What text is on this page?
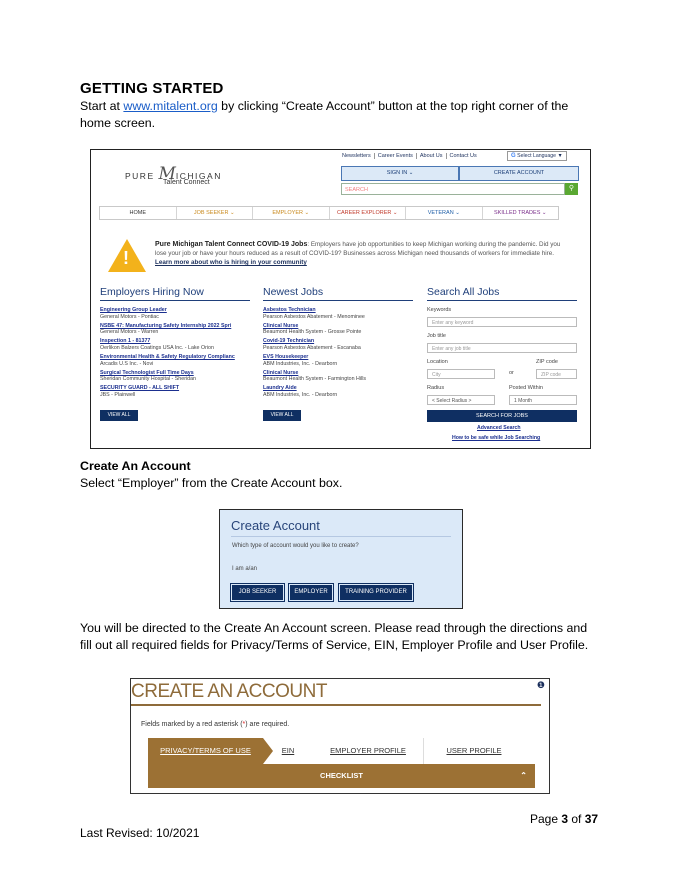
GETTING STARTED

Start at www.mitalent.org by clicking “Create Account” button at the top right corner of the home screen.

PURE MICHIGAN
Talent Connect
Newsletters Career Events About Us Contact Us	G Select Language ▼
SIGN IN ⌄	CREATE ACCOUNT
SEARCH	⚲
HOME	JOB SEEKER ⌄	EMPLOYER ⌄	CAREER EXPLORER ⌄	VETERAN ⌄	SKILLED TRADES ⌄
!
Pure Michigan Talent Connect COVID-19 Jobs: Employers have job opportunities to keep Michigan working during the pandemic. Did you lose your job or have your hours reduced as a result of COVID-19? Businesses across Michigan need thousands of workers for immediate hire. Learn more about who is hiring in your community
Employers Hiring Now	Newest Jobs	Search All Jobs
Engineering Group Leader
General Motors - Pontiac
NSBE 47: Manufacturing Safety Internship 2022 Spri
General Motors - Warren
Inspection 1 - 81377
Oerlikon Balzers Coatings USA Inc. - Lake Orion
Environmental Health & Safety Regulatory Complianc
Arcadis U.S Inc. - Novi
Surgical Technologist Full Time Days
Sheridan Community Hospital - Sheridan
SECURITY GUARD - ALL SHIFT
JBS - Plainwell
Asbestos Technician
Pearson Asbestos Abatement - Menominee
Clinical Nurse
Beaumont Health System - Grosse Pointe
Covid-19 Technician
Pearson Asbestos Abatement - Escanaba
EVS Housekeeper
ABM Industries, Inc. - Dearborn
Clinical Nurse
Beaumont Health System - Farmington Hills
Laundry Aide
ABM Industries, Inc. - Dearborn
VIEW ALL	VIEW ALL
Keywords
Enter any keyword
Job title
Enter any job title
Location	ZIP code
City	or	ZIP code
Radius	Posted Within
< Select Radius >	1 Month
SEARCH FOR JOBS
Advanced Search
How to be safe while Job Searching
Create An Account

Select “Employer” from the Create Account box.

Create Account
Which type of account would you like to create?
I am a/an
JOB SEEKER	EMPLOYER	TRAINING PROVIDER

You will be directed to the Create An Account screen. Please read through the directions and fill out all required fields for Privacy/Terms of Service, EIN, Employer Profile and User Profile.

CREATE AN ACCOUNT	❶
Fields marked by a red asterisk (*) are required.
PRIVACY/TERMS OF USE	EIN	EMPLOYER PROFILE	USER PROFILE
CHECKLIST	⌃
Page 3 of 37
Last Revised: 10/2021
